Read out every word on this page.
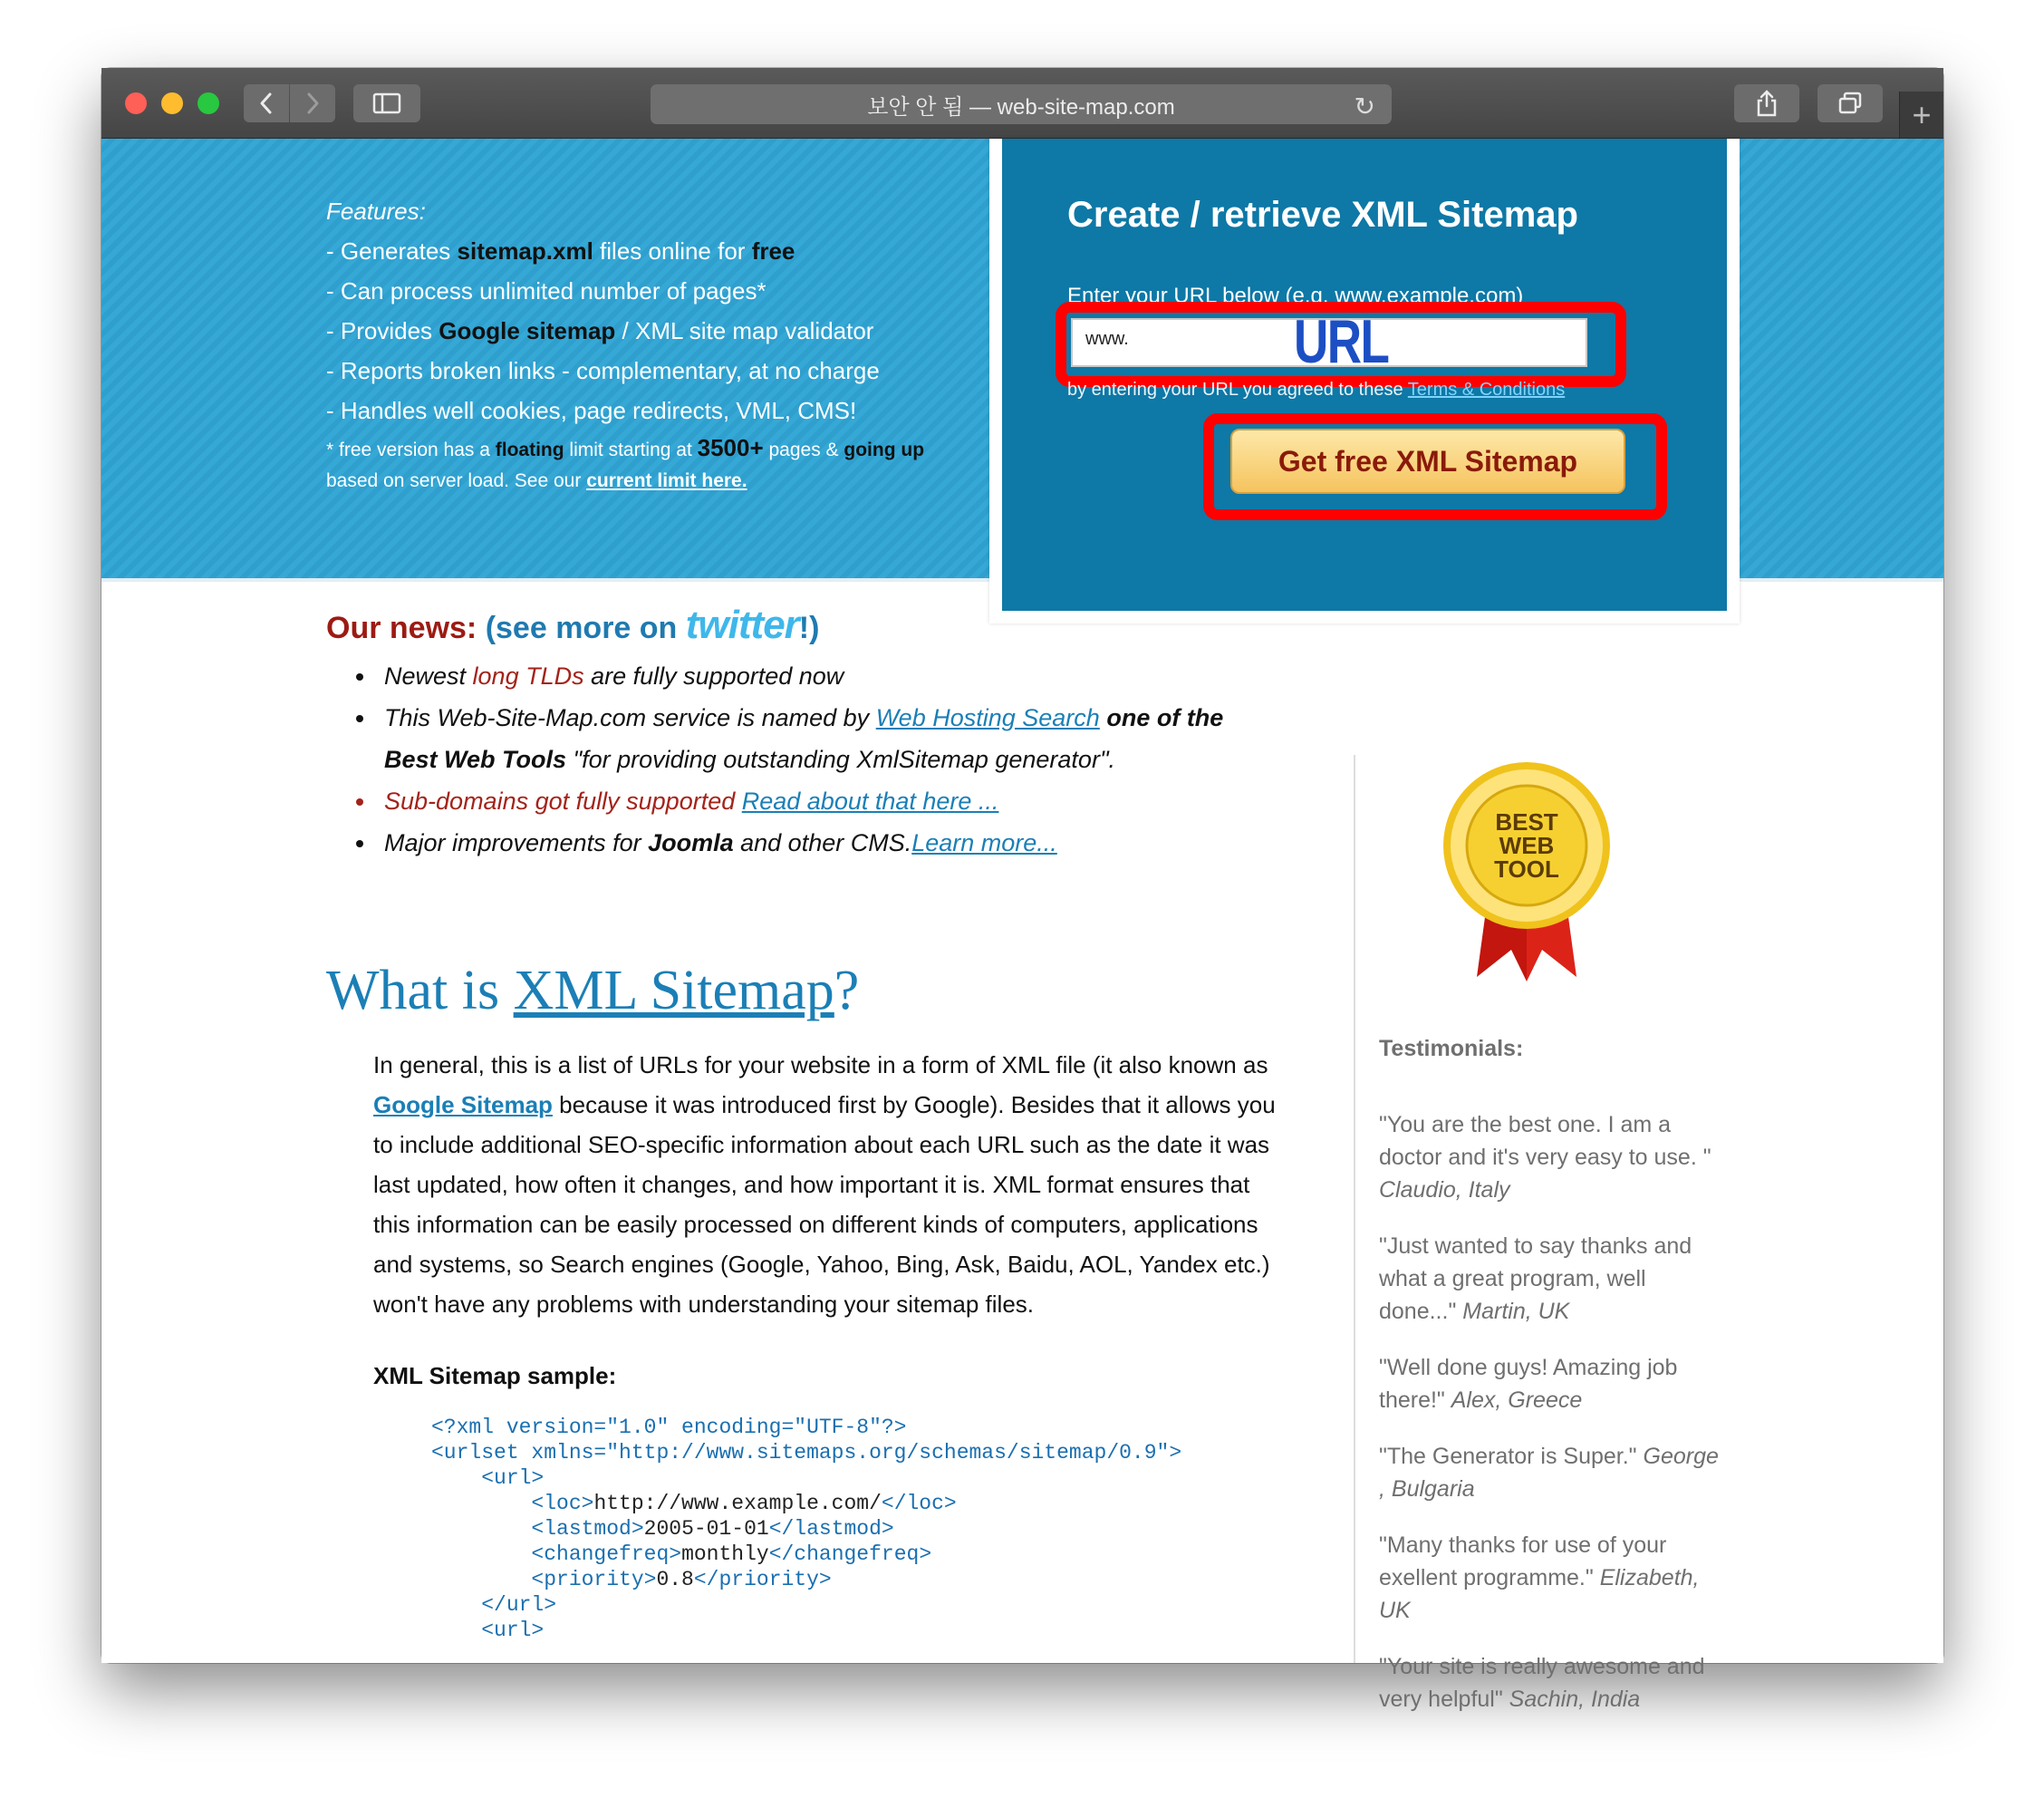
보안 안 됨 — web-site-map.com	↻	+
Features:
- Generates sitemap.xml files online for free
- Can process unlimited number of pages*
- Provides Google sitemap / XML site map validator
- Reports broken links - complementary, at no charge
- Handles well cookies, page redirects, VML, CMS!
* free version has a floating limit starting at 3500+ pages & going up based on server load. See our current limit here.
Create / retrieve XML Sitemap
Enter your URL below (e.g. www.example.com)
www.	URL
by entering your URL you agreed to these Terms & Conditions
Get free XML Sitemap
Our news: (see more on twitter!)
• Newest long TLDs are fully supported now
• This Web-Site-Map.com service is named by Web Hosting Search one of the Best Web Tools "for providing outstanding XmlSitemap generator".
• Sub-domains got fully supported Read about that here ...
• Major improvements for Joomla and other CMS.Learn more...
What is XML Sitemap?
In general, this is a list of URLs for your website in a form of XML file (it also known as Google Sitemap because it was introduced first by Google). Besides that it allows you to include additional SEO-specific information about each URL such as the date it was last updated, how often it changes, and how important it is. XML format ensures that this information can be easily processed on different kinds of computers, applications and systems, so Search engines (Google, Yahoo, Bing, Ask, Baidu, AOL, Yandex etc.) won't have any problems with understanding your sitemap files.
XML Sitemap sample:
<?xml version="1.0" encoding="UTF-8"?>
<urlset xmlns="http://www.sitemaps.org/schemas/sitemap/0.9">
<url>
<loc>http://www.example.com/</loc>
<lastmod>2005-01-01</lastmod>
<changefreq>monthly</changefreq>
<priority>0.8</priority>
</url>
<url>
BEST
WEB
TOOL
Testimonials:
"You are the best one. I am a doctor and it's very easy to use. " Claudio, Italy
"Just wanted to say thanks and what a great program, well done..." Martin, UK
"Well done guys! Amazing job there!" Alex, Greece
"The Generator is Super." George , Bulgaria
"Many thanks for use of your exellent programme." Elizabeth, UK
"Your site is really awesome and very helpful" Sachin, India
